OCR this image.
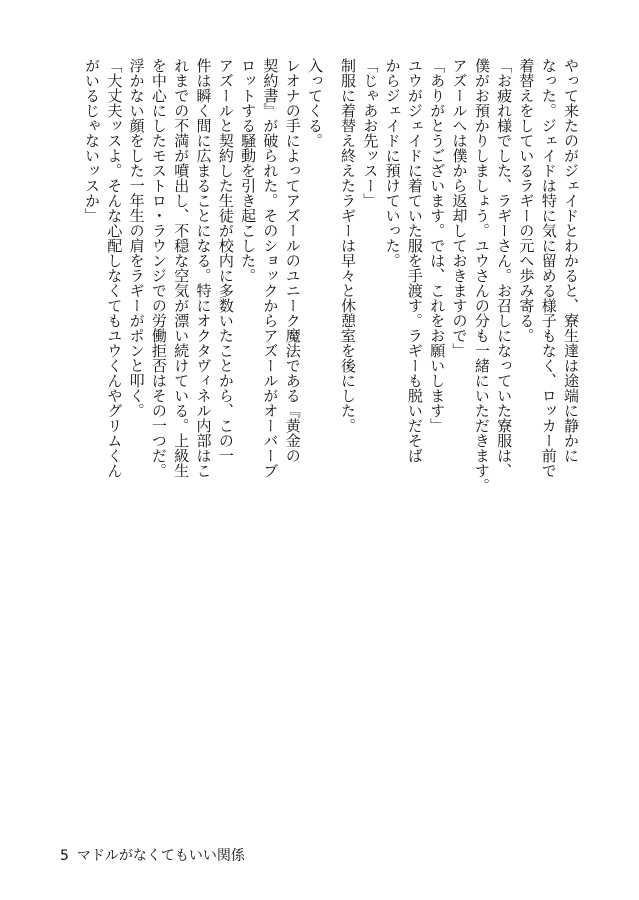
やって来たのがジェイドとわかると、寮生達は途端に静かに
なった。ジェイドは特に気に留める様子もなく、ロッカー前で
着替えをしているラギーの元へ歩み寄る。
「お疲れ様でした、ラギーさん。お召しになっていた寮服は、
僕がお預かりしましょう。ユウさんの分も一緒にいただきます。
アズールへは僕から返却しておきますので」
「ありがとうございます。では、これをお願いします」
ユウがジェイドに着ていた服を手渡す。ラギーも脱いだそば
からジェイドに預けていった。
「じゃあお先ッスー」
制服に着替え終えたラギーは早々と休憩室を後にした。
入ってくる。
レオナの手によってアズールのユニーク魔法である『黄金の
契約書』が破られた。そのショックからアズールがオーバーブ
ロットする騒動を引き起こした。
アズールと契約した生徒が校内に多数いたことから、この一
件は瞬く間に広まることになる。特にオクタヴィネル内部はこ
れまでの不満が噴出し、不穏な空気が漂い続けている。上級生
を中心にしたモストロ・ラウンジでの労働拒否はその一つだ。
浮かない顔をした一年生の肩をラギーがポンと叩く。
「大丈夫ッスよ。そんな心配しなくてもユウくんやグリムくん
がいるじゃないッスか」
5 マドルがなくてもいい関係
